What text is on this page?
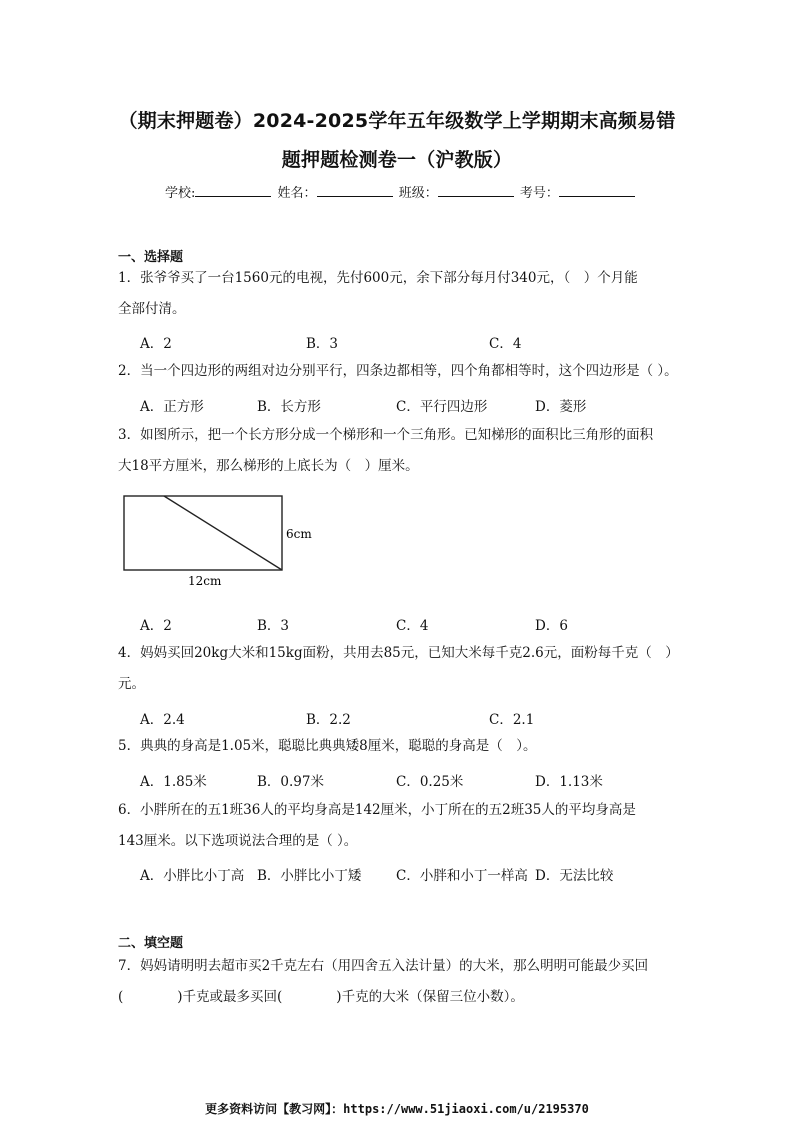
（期末押题卷）2024-2025学年五年级数学上学期期末高频易错
题押题检测卷一（沪教版）
学校:	姓名：	班级：	考号：
一、选择题
1．张爷爷买了一台1560元的电视，先付600元，余下部分每月付340元，（　）个月能
全部付清。
A．2	B．3	C．4
2．当一个四边形的两组对边分别平行，四条边都相等，四个角都相等时，这个四边形是（ ）。
A．正方形	B．长方形	C．平行四边形	D．菱形
3．如图所示，把一个长方形分成一个梯形和一个三角形。已知梯形的面积比三角形的面积
大18平方厘米，那么梯形的上底长为（　）厘米。
6cm
12cm
A．2	B．3	C．4	D．6
4．妈妈买回20kg大米和15kg面粉，共用去85元，已知大米每千克2.6元，面粉每千克（　）
元。
A．2.4	B．2.2	C．2.1
5．典典的身高是1.05米，聪聪比典典矮8厘米，聪聪的身高是（　）。
A．1.85米	B．0.97米	C．0.25米	D．1.13米
6．小胖所在的五1班36人的平均身高是142厘米，小丁所在的五2班35人的平均身高是
143厘米。以下选项说法合理的是（ ）。
A．小胖比小丁高 B．小胖比小丁矮	C．小胖和小丁一样高 D．无法比较
二、填空题
7．妈妈请明明去超市买2千克左右（用四舍五入法计量）的大米，那么明明可能最少买回
(　　　　)千克或最多买回(　　　　)千克的大米（保留三位小数）。
更多资料访问【教习网】：https://www.51jiaoxi.com/u/2195370
